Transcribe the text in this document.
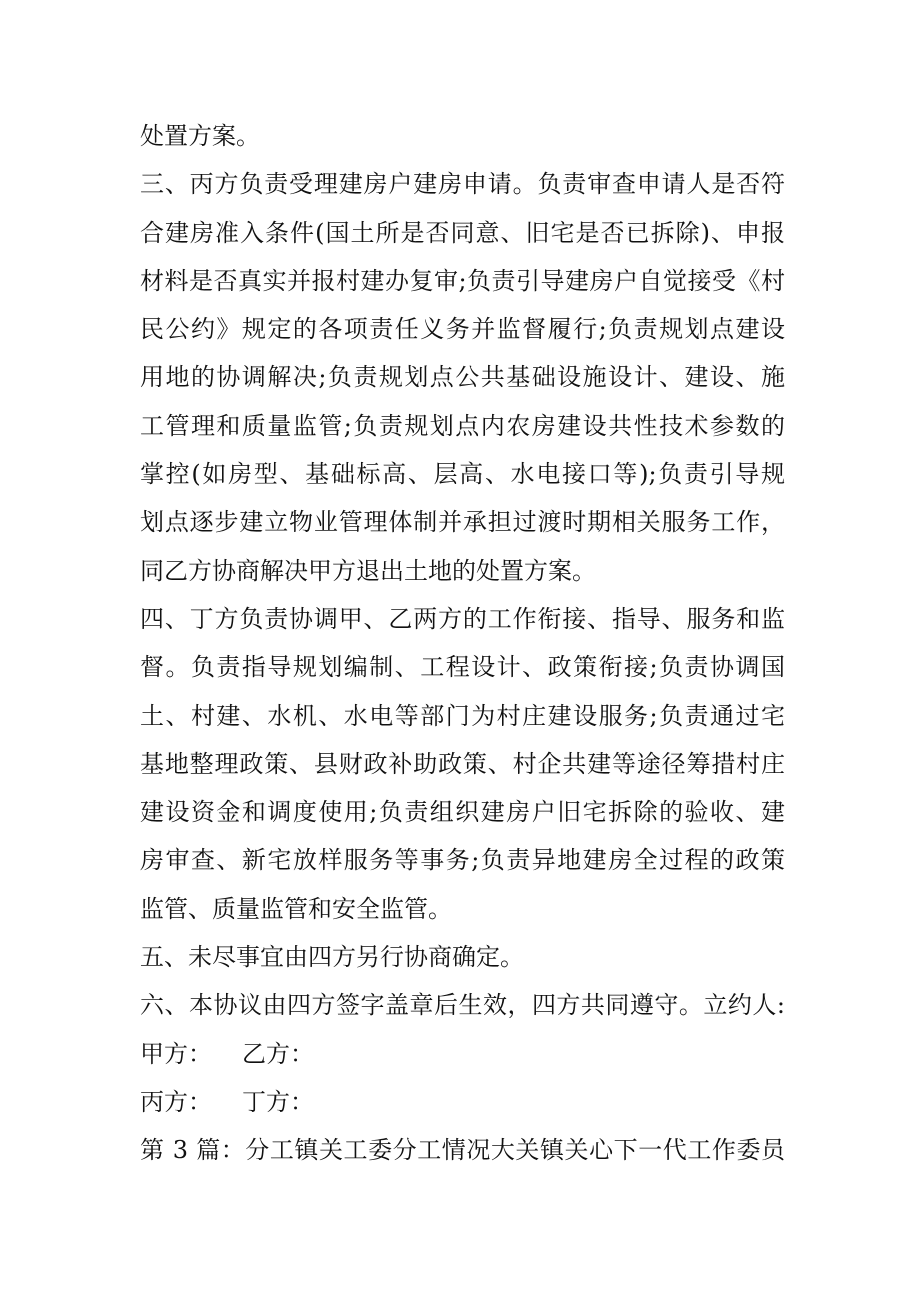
处置方案。
三、丙方负责受理建房户建房申请。负责审查申请人是否符
合建房准入条件(国土所是否同意、旧宅是否已拆除)、申报
材料是否真实并报村建办复审;负责引导建房户自觉接受《村
民公约》规定的各项责任义务并监督履行;负责规划点建设
用地的协调解决;负责规划点公共基础设施设计、建设、施
工管理和质量监管;负责规划点内农房建设共性技术参数的
掌控(如房型、基础标高、层高、水电接口等);负责引导规
划点逐步建立物业管理体制并承担过渡时期相关服务工作，
同乙方协商解决甲方退出土地的处置方案。
四、丁方负责协调甲、乙两方的工作衔接、指导、服务和监
督。负责指导规划编制、工程设计、政策衔接;负责协调国
土、村建、水机、水电等部门为村庄建设服务;负责通过宅
基地整理政策、县财政补助政策、村企共建等途径筹措村庄
建设资金和调度使用;负责组织建房户旧宅拆除的验收、建
房审查、新宅放样服务等事务;负责异地建房全过程的政策
监管、质量监管和安全监管。
五、未尽事宜由四方另行协商确定。
六、本协议由四方签字盖章后生效，四方共同遵守。立约人:
甲方： 乙方：
丙方： 丁方：
第 3 篇：分工镇关工委分工情况大关镇关心下一代工作委员
